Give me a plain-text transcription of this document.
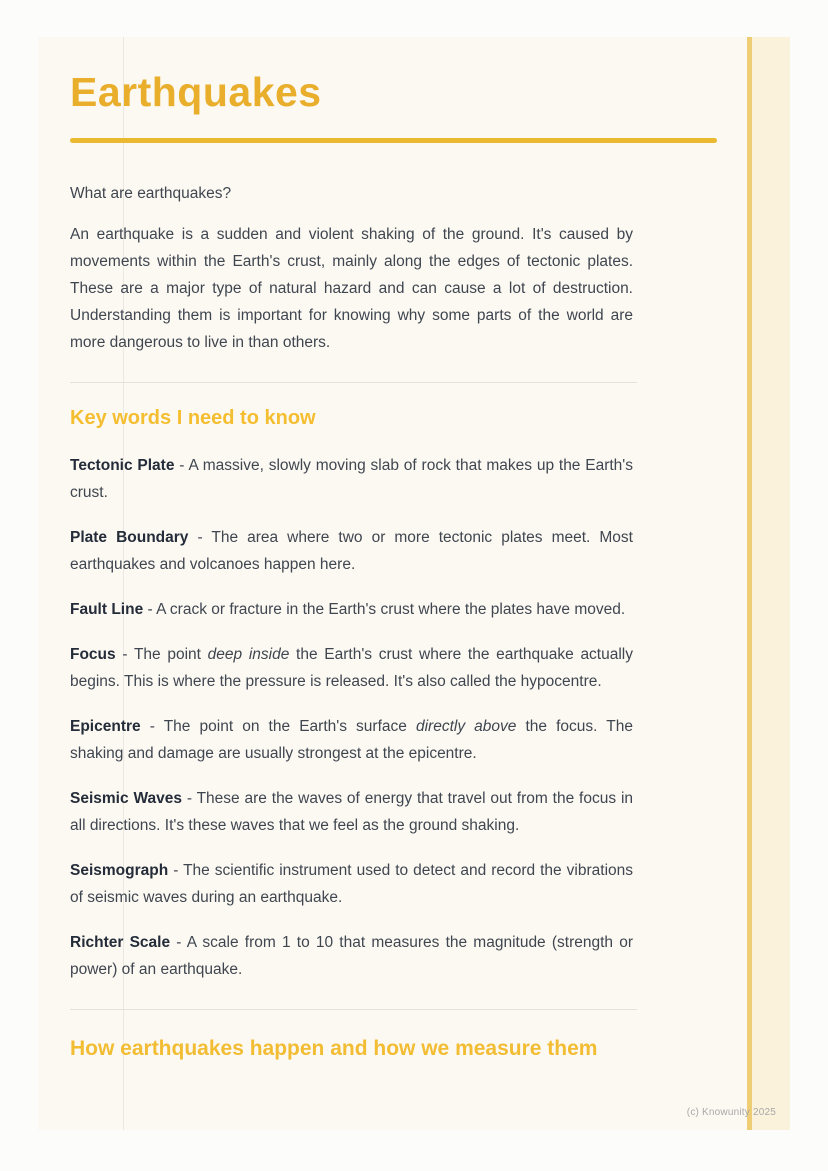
Earthquakes
What are earthquakes?

An earthquake is a sudden and violent shaking of the ground. It's caused by movements within the Earth's crust, mainly along the edges of tectonic plates. These are a major type of natural hazard and can cause a lot of destruction. Understanding them is important for knowing why some parts of the world are more dangerous to live in than others.

Key words I need to know

Tectonic Plate - A massive, slowly moving slab of rock that makes up the Earth's crust.

Plate Boundary - The area where two or more tectonic plates meet. Most earthquakes and volcanoes happen here.

Fault Line - A crack or fracture in the Earth's crust where the plates have moved.

Focus - The point deep inside the Earth's crust where the earthquake actually begins. This is where the pressure is released. It's also called the hypocentre.

Epicentre - The point on the Earth's surface directly above the focus. The shaking and damage are usually strongest at the epicentre.

Seismic Waves - These are the waves of energy that travel out from the focus in all directions. It's these waves that we feel as the ground shaking.

Seismograph - The scientific instrument used to detect and record the vibrations of seismic waves during an earthquake.

Richter Scale - A scale from 1 to 10 that measures the magnitude (strength or power) of an earthquake.

How earthquakes happen and how we measure them
(c) Knowunity 2025
